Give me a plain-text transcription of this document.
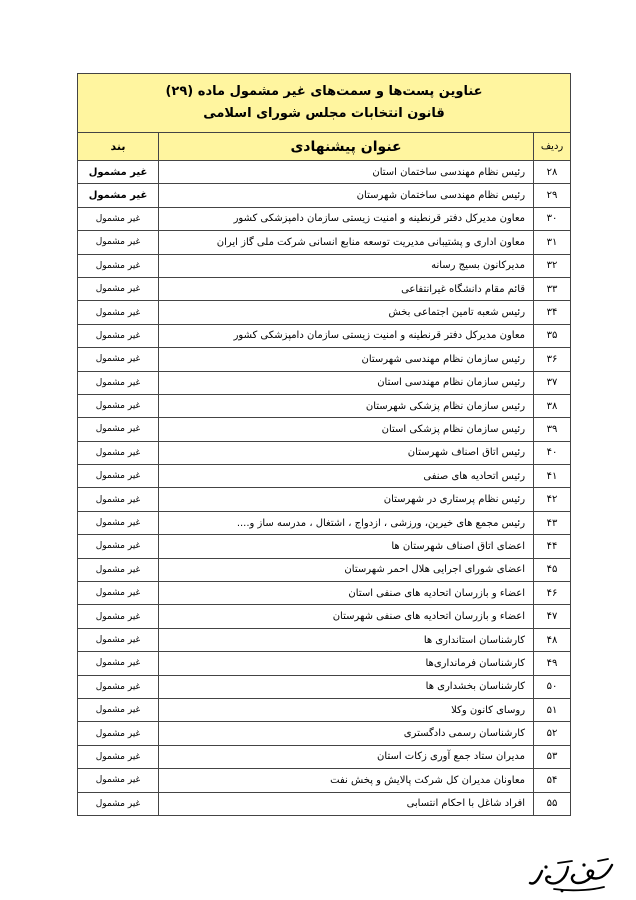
عناوین پست‌ها و سمت‌های غیر مشمول ماده (۲۹)
قانون انتخابات مجلس شورای اسلامی		

ردیف	عنوان پیشنهادی	بند
۲۸	رئیس نظام مهندسی ساختمان استان	غیر مشمول
۲۹	رئیس نظام مهندسی ساختمان شهرستان	غیر مشمول
۳۰	معاون مدیرکل دفتر قرنطینه و امنیت زیستی سازمان دامپزشکی کشور	غیر مشمول
۳۱	معاون اداری و پشتیبانی مدیریت توسعه منابع انسانی شرکت ملی گاز ایران	غیر مشمول
۳۲	مدیرکانون بسیج رسانه	غیر مشمول
۳۳	قائم مقام دانشگاه غیرانتفاعی	غیر مشمول
۳۴	رئیس شعبه تامین اجتماعی بخش	غیر مشمول
۳۵	معاون مدیرکل دفتر قرنطینه و امنیت زیستی سازمان دامپزشکی کشور	غیر مشمول
۳۶	رئیس سازمان نظام مهندسی شهرستان	غیر مشمول
۳۷	رئیس سازمان نظام مهندسی استان	غیر مشمول
۳۸	رئیس سازمان نظام پزشکی شهرستان	غیر مشمول
۳۹	رئیس سازمان نظام پزشکی استان	غیر مشمول
۴۰	رئیس اتاق اصناف شهرستان	غیر مشمول
۴۱	رئیس اتحادیه های صنفی	غیر مشمول
۴۲	رئیس نظام پرستاری در شهرستان	غیر مشمول
۴۳	رئیس مجمع های خیرین، ورزشی ، ازدواج ، اشتغال ، مدرسه ساز و....	غیر مشمول
۴۴	اعضای اتاق اصناف شهرستان ها	غیر مشمول
۴۵	اعضای شورای اجرایی هلال احمر شهرستان	غیر مشمول
۴۶	اعضاء و بازرسان اتحادیه های صنفی استان	غیر مشمول
۴۷	اعضاء و بازرسان اتحادیه های صنفی شهرستان	غیر مشمول
۴۸	کارشناسان استانداری ها	غیر مشمول
۴۹	کارشناسان فرمانداری‌ها	غیر مشمول
۵۰	کارشناسان بخشداری ها	غیر مشمول
۵۱	روسای کانون وکلا	غیر مشمول
۵۲	کارشناسان رسمی دادگستری	غیر مشمول
۵۳	مدیران ستاد جمع آوری زکات استان	غیر مشمول
۵۴	معاونان مدیران کل شرکت پالایش و پخش نفت	غیر مشمول
۵۵	افراد شاغل با احکام انتسابی	غیر مشمول
